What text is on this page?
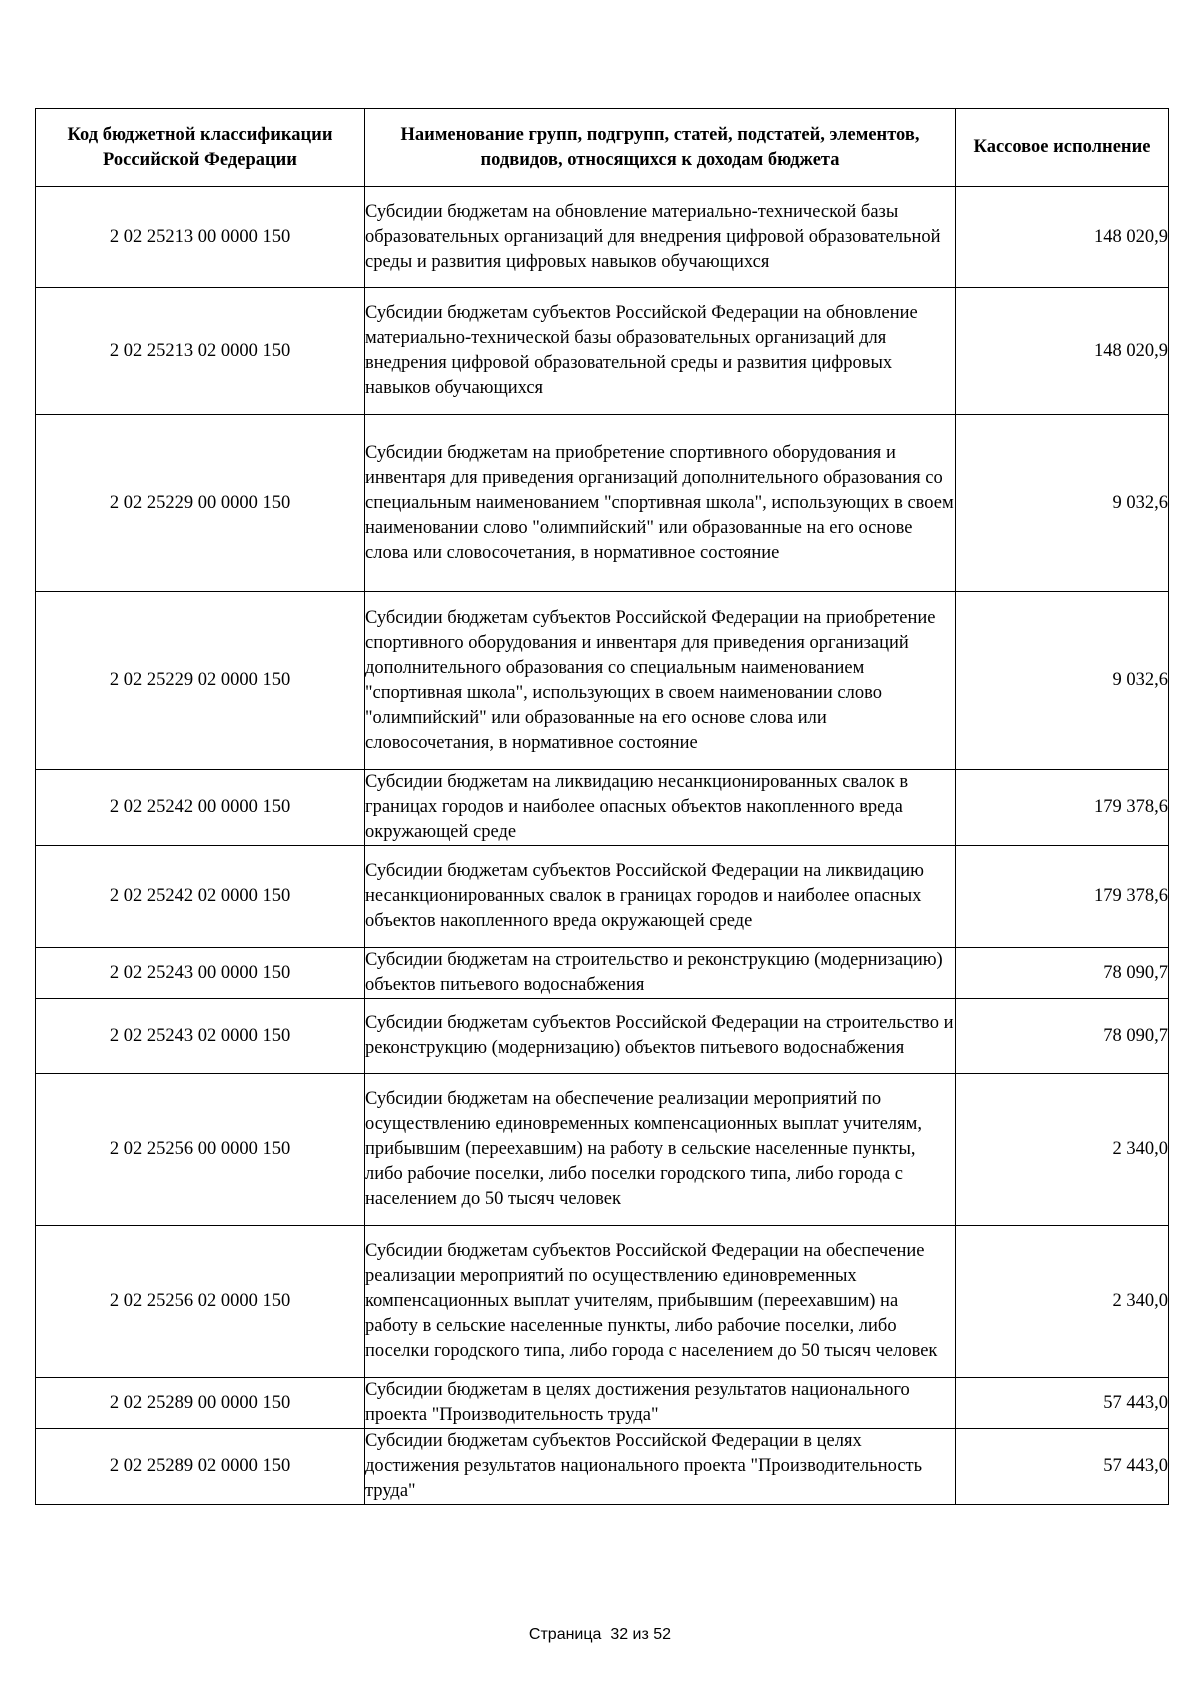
Код бюджетной классификации Российской Федерации	Наименование групп, подгрупп, статей, подстатей, элементов, подвидов, относящихся к доходам бюджета	Кассовое исполнение
2 02 25213 00 0000 150	Субсидии бюджетам на обновление материально-технической базы образовательных организаций для внедрения цифровой образовательной среды и развития цифровых навыков обучающихся	148 020,9
2 02 25213 02 0000 150	Субсидии бюджетам субъектов Российской Федерации на обновление материально-технической базы образовательных организаций для внедрения цифровой образовательной среды и развития цифровых навыков обучающихся	148 020,9
2 02 25229 00 0000 150	Субсидии бюджетам на приобретение спортивного оборудования и инвентаря для приведения организаций дополнительного образования со специальным наименованием "спортивная школа", использующих в своем наименовании слово "олимпийский" или образованные на его основе слова или словосочетания, в нормативное состояние	9 032,6
2 02 25229 02 0000 150	Субсидии бюджетам субъектов Российской Федерации на приобретение спортивного оборудования и инвентаря для приведения организаций дополнительного образования со специальным наименованием "спортивная школа", использующих в своем наименовании слово "олимпийский" или образованные на его основе слова или словосочетания, в нормативное состояние	9 032,6
2 02 25242 00 0000 150	Субсидии бюджетам на ликвидацию несанкционированных свалок в границах городов и наиболее опасных объектов накопленного вреда окружающей среде	179 378,6
2 02 25242 02 0000 150	Субсидии бюджетам субъектов Российской Федерации на ликвидацию несанкционированных свалок в границах городов и наиболее опасных объектов накопленного вреда окружающей среде	179 378,6
2 02 25243 00 0000 150	Субсидии бюджетам на строительство и реконструкцию (модернизацию) объектов питьевого водоснабжения	78 090,7
2 02 25243 02 0000 150	Субсидии бюджетам субъектов Российской Федерации на строительство и реконструкцию (модернизацию) объектов питьевого водоснабжения	78 090,7
2 02 25256 00 0000 150	Субсидии бюджетам на обеспечение реализации мероприятий по осуществлению единовременных компенсационных выплат учителям, прибывшим (переехавшим) на работу в сельские населенные пункты, либо рабочие поселки, либо поселки городского типа, либо города с населением до 50 тысяч человек	2 340,0
2 02 25256 02 0000 150	Субсидии бюджетам субъектов Российской Федерации на обеспечение реализации мероприятий по осуществлению единовременных компенсационных выплат учителям, прибывшим (переехавшим) на работу в сельские населенные пункты, либо рабочие поселки, либо поселки городского типа, либо города с населением до 50 тысяч человек	2 340,0
2 02 25289 00 0000 150	Субсидии бюджетам в целях достижения результатов национального проекта "Производительность труда"	57 443,0
2 02 25289 02 0000 150	Субсидии бюджетам субъектов Российской Федерации в целях достижения результатов национального проекта "Производительность труда"	57 443,0
Страница  32 из 52
